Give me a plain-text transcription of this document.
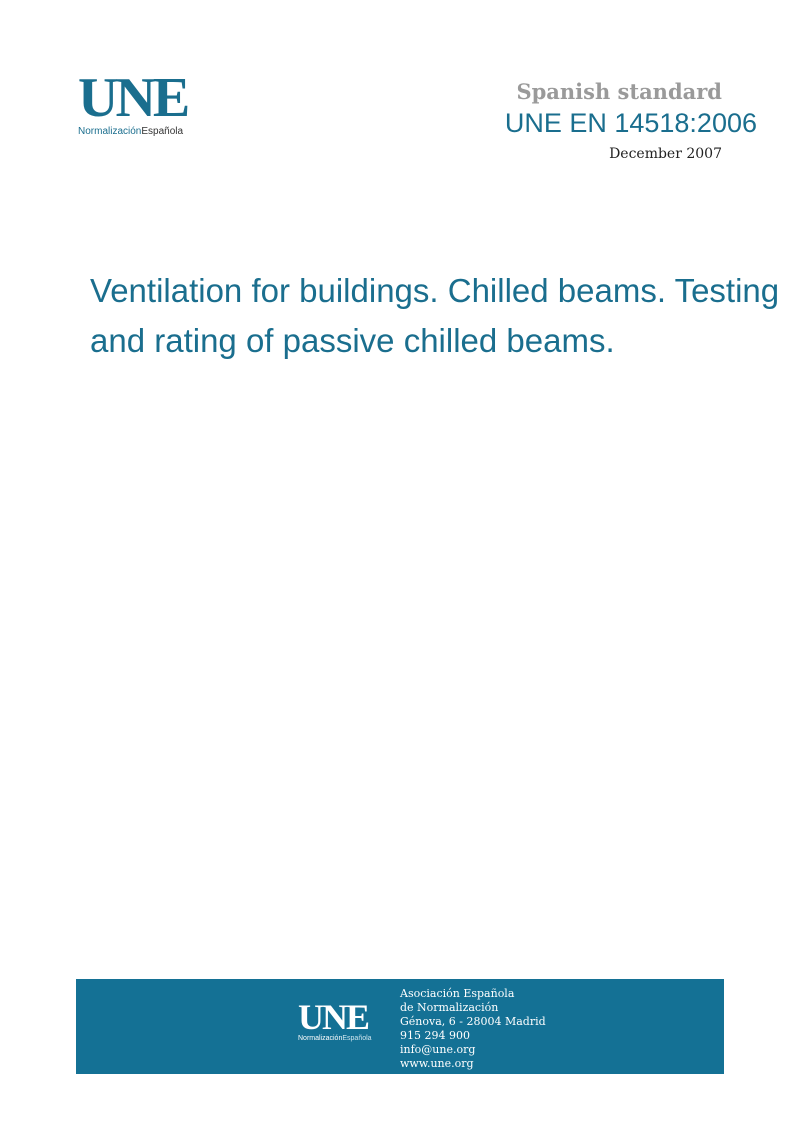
UNE
NormalizaciónEspañola
Spanish standard
UNE EN 14518:2006
December 2007
Ventilation for buildings. Chilled beams. Testing and rating of passive chilled beams.
UNE
NormalizaciónEspañola
Asociación Española
de Normalización
Génova, 6 - 28004 Madrid
915 294 900
info@une.org
www.une.org
